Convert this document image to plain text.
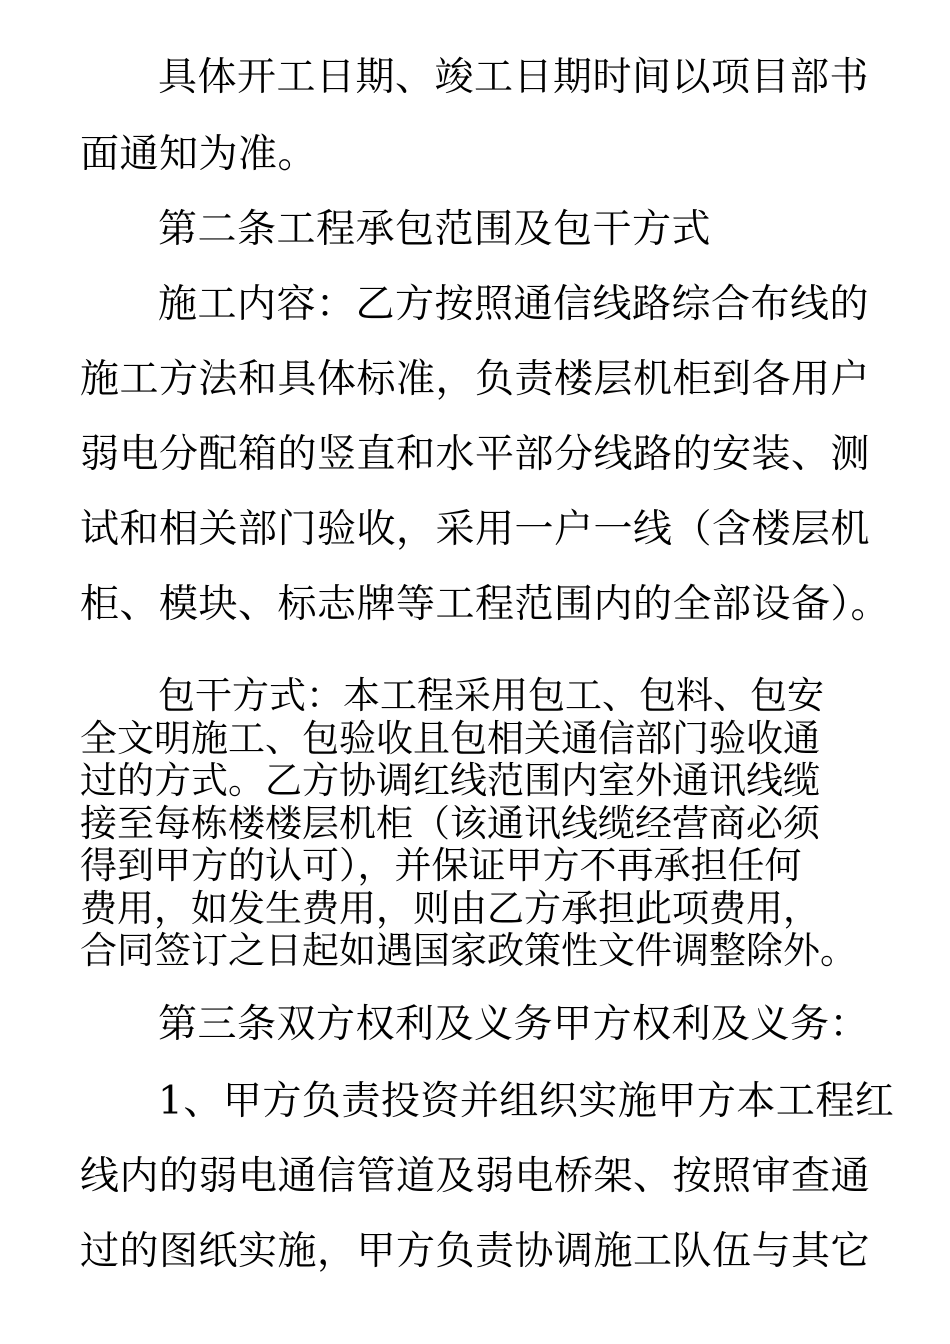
具体开工日期、竣工日期时间以项目部书
面通知为准。
第二条工程承包范围及包干方式
施工内容：乙方按照通信线路综合布线的
施工方法和具体标准，负责楼层机柜到各用户
弱电分配箱的竖直和水平部分线路的安装、测
试和相关部门验收，采用一户一线（含楼层机
柜、模块、标志牌等工程范围内的全部设备）。
包干方式：本工程采用包工、包料、包安
全文明施工、包验收且包相关通信部门验收通
过的方式。乙方协调红线范围内室外通讯线缆
接至每栋楼楼层机柜（该通讯线缆经营商必须
得到甲方的认可），并保证甲方不再承担任何
费用，如发生费用，则由乙方承担此项费用，
合同签订之日起如遇国家政策性文件调整除外。
第三条双方权利及义务甲方权利及义务：
1、甲方负责投资并组织实施甲方本工程红
线内的弱电通信管道及弱电桥架、按照审查通
过的图纸实施，甲方负责协调施工队伍与其它
